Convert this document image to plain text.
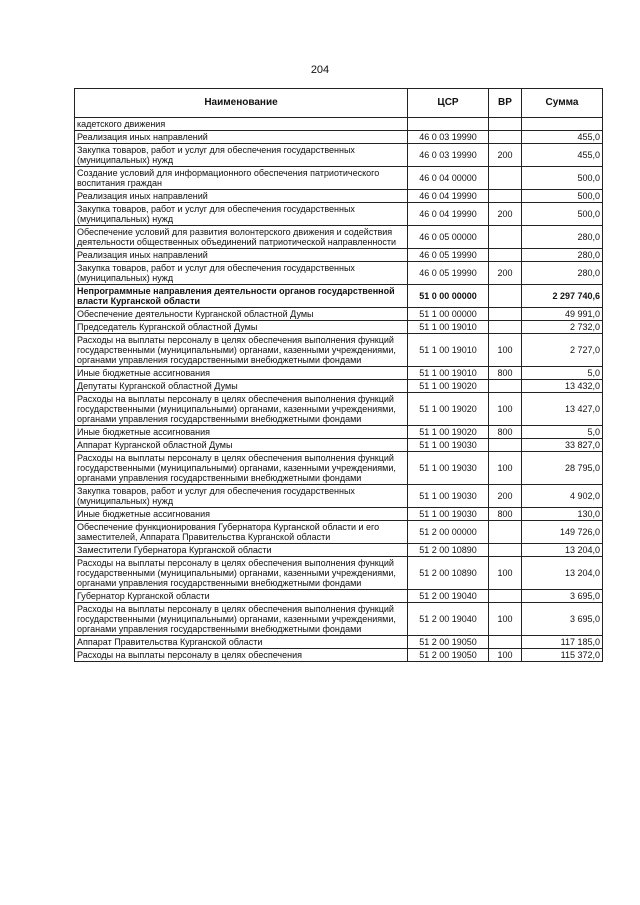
204
Наименование	ЦСР	ВР	Сумма
кадетского движения			
Реализация иных направлений	46 0 03 19990		455,0
Закупка товаров, работ и услуг для обеспечения государственных (муниципальных) нужд	46 0 03 19990	200	455,0
Создание условий для информационного обеспечения патриотического воспитания граждан	46 0 04 00000		500,0
Реализация иных направлений	46 0 04 19990		500,0
Закупка товаров, работ и услуг для обеспечения государственных (муниципальных) нужд	46 0 04 19990	200	500,0
Обеспечение условий для развития волонтерского движения и содействия деятельности общественных объединений патриотической направленности	46 0 05 00000		280,0
Реализация иных направлений	46 0 05 19990		280,0
Закупка товаров, работ и услуг для обеспечения государственных (муниципальных) нужд	46 0 05 19990	200	280,0
Непрограммные направления деятельности органов государственной власти Курганской области	51 0 00 00000		2 297 740,6
Обеспечение деятельности Курганской областной Думы	51 1 00 00000		49 991,0
Председатель Курганской областной Думы	51 1 00 19010		2 732,0
Расходы на выплаты персоналу в целях обеспечения выполнения функций государственными (муниципальными) органами, казенными учреждениями, органами управления государственными внебюджетными фондами	51 1 00 19010	100	2 727,0
Иные бюджетные ассигнования	51 1 00 19010	800	5,0
Депутаты Курганской областной Думы	51 1 00 19020		13 432,0
Расходы на выплаты персоналу в целях обеспечения выполнения функций государственными (муниципальными) органами, казенными учреждениями, органами управления государственными внебюджетными фондами	51 1 00 19020	100	13 427,0
Иные бюджетные ассигнования	51 1 00 19020	800	5,0
Аппарат Курганской областной Думы	51 1 00 19030		33 827,0
Расходы на выплаты персоналу в целях обеспечения выполнения функций государственными (муниципальными) органами, казенными учреждениями, органами управления государственными внебюджетными фондами	51 1 00 19030	100	28 795,0
Закупка товаров, работ и услуг для обеспечения государственных (муниципальных) нужд	51 1 00 19030	200	4 902,0
Иные бюджетные ассигнования	51 1 00 19030	800	130,0
Обеспечение функционирования Губернатора Курганской области и его заместителей, Аппарата Правительства Курганской области	51 2 00 00000		149 726,0
Заместители Губернатора Курганской области	51 2 00 10890		13 204,0
Расходы на выплаты персоналу в целях обеспечения выполнения функций государственными (муниципальными) органами, казенными учреждениями, органами управления государственными внебюджетными фондами	51 2 00 10890	100	13 204,0
Губернатор Курганской области	51 2 00 19040		3 695,0
Расходы на выплаты персоналу в целях обеспечения выполнения функций государственными (муниципальными) органами, казенными учреждениями, органами управления государственными внебюджетными фондами	51 2 00 19040	100	3 695,0
Аппарат Правительства Курганской области	51 2 00 19050		117 185,0
Расходы на выплаты персоналу в целях обеспечения	51 2 00 19050	100	115 372,0
